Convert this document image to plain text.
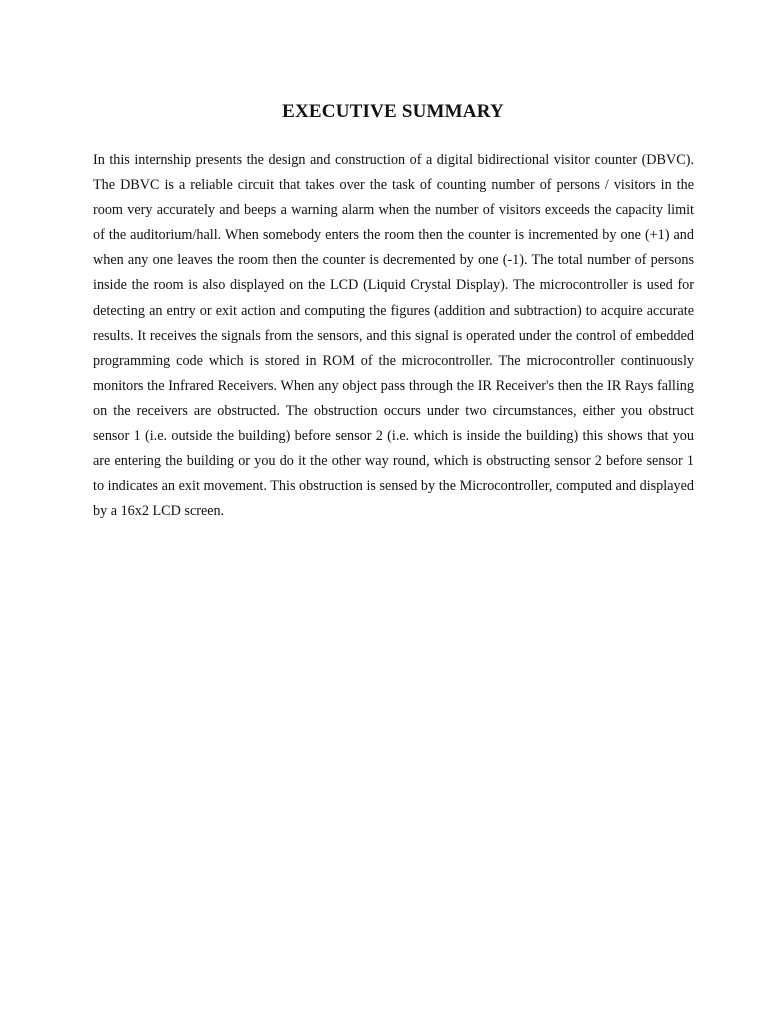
EXECUTIVE SUMMARY

In this internship presents the design and construction of a digital bidirectional visitor counter (DBVC). The DBVC is a reliable circuit that takes over the task of counting number of persons / visitors in the room very accurately and beeps a warning alarm when the number of visitors exceeds the capacity limit of the auditorium/hall. When somebody enters the room then the counter is incremented by one (+1) and when any one leaves the room then the counter is decremented by one (-1). The total number of persons inside the room is also displayed on the LCD (Liquid Crystal Display). The microcontroller is used for detecting an entry or exit action and computing the figures (addition and subtraction) to acquire accurate results. It receives the signals from the sensors, and this signal is operated under the control of embedded programming code which is stored in ROM of the microcontroller. The microcontroller continuously monitors the Infrared Receivers. When any object pass through the IR Receiver's then the IR Rays falling on the receivers are obstructed. The obstruction occurs under two circumstances, either you obstruct sensor 1 (i.e. outside the building) before sensor 2 (i.e. which is inside the building) this shows that you are entering the building or you do it the other way round, which is obstructing sensor 2 before sensor 1 to indicates an exit movement. This obstruction is sensed by the Microcontroller, computed and displayed by a 16x2 LCD screen.
